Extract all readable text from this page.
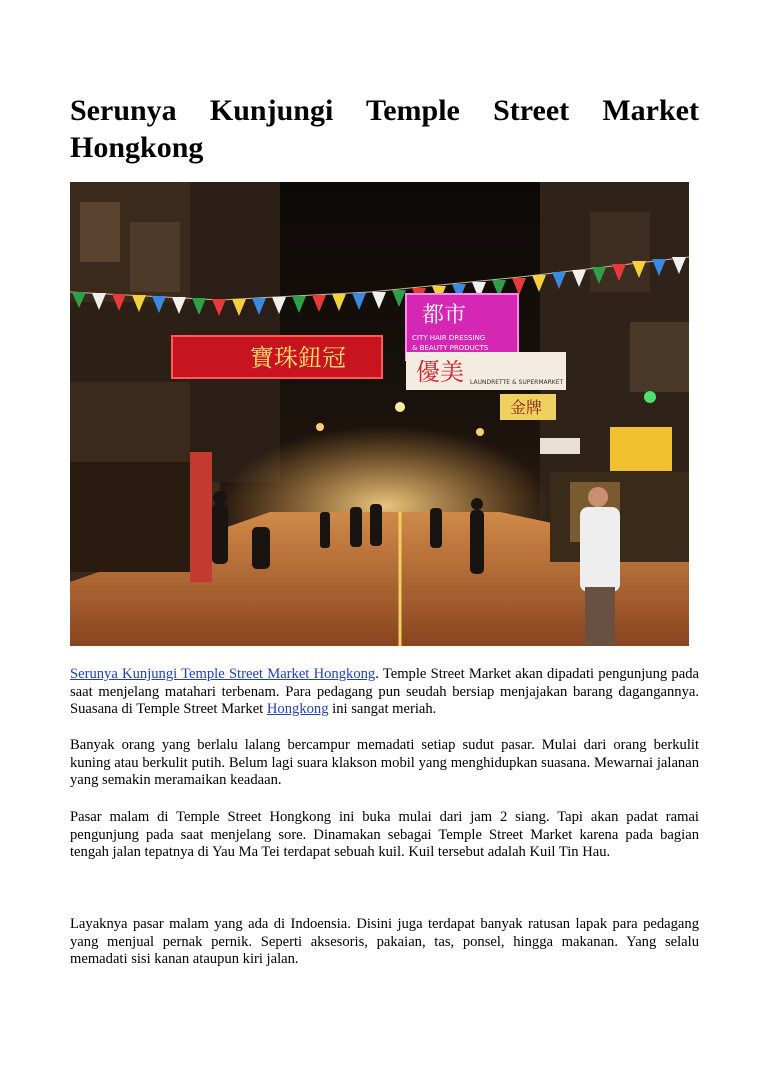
Serunya Kunjungi Temple Street Market Hongkong
都市
CITY HAIR DRESSING
& BEAUTY PRODUCTS
寶珠鈕冠	優美 LAUNDRETTE & SUPERMARKET
金牌

Serunya Kunjungi Temple Street Market Hongkong. Temple Street Market akan dipadati pengunjung pada saat menjelang matahari terbenam. Para pedagang pun seudah bersiap menjajakan barang dagangannya. Suasana di Temple Street Market Hongkong ini sangat meriah.

Banyak orang yang berlalu lalang bercampur memadati setiap sudut pasar. Mulai dari orang berkulit kuning atau berkulit putih. Belum lagi suara klakson mobil yang menghidupkan suasana. Mewarnai jalanan yang semakin meramaikan keadaan.

Pasar malam di Temple Street Hongkong ini buka mulai dari jam 2 siang. Tapi akan padat ramai pengunjung pada saat menjelang sore. Dinamakan sebagai Temple Street Market karena pada bagian tengah jalan tepatnya di Yau Ma Tei terdapat sebuah kuil. Kuil tersebut adalah Kuil Tin Hau.

Layaknya pasar malam yang ada di Indoensia. Disini juga terdapat banyak ratusan lapak para pedagang yang menjual pernak pernik. Seperti aksesoris, pakaian, tas, ponsel, hingga makanan. Yang selalu memadati sisi kanan ataupun kiri jalan.
